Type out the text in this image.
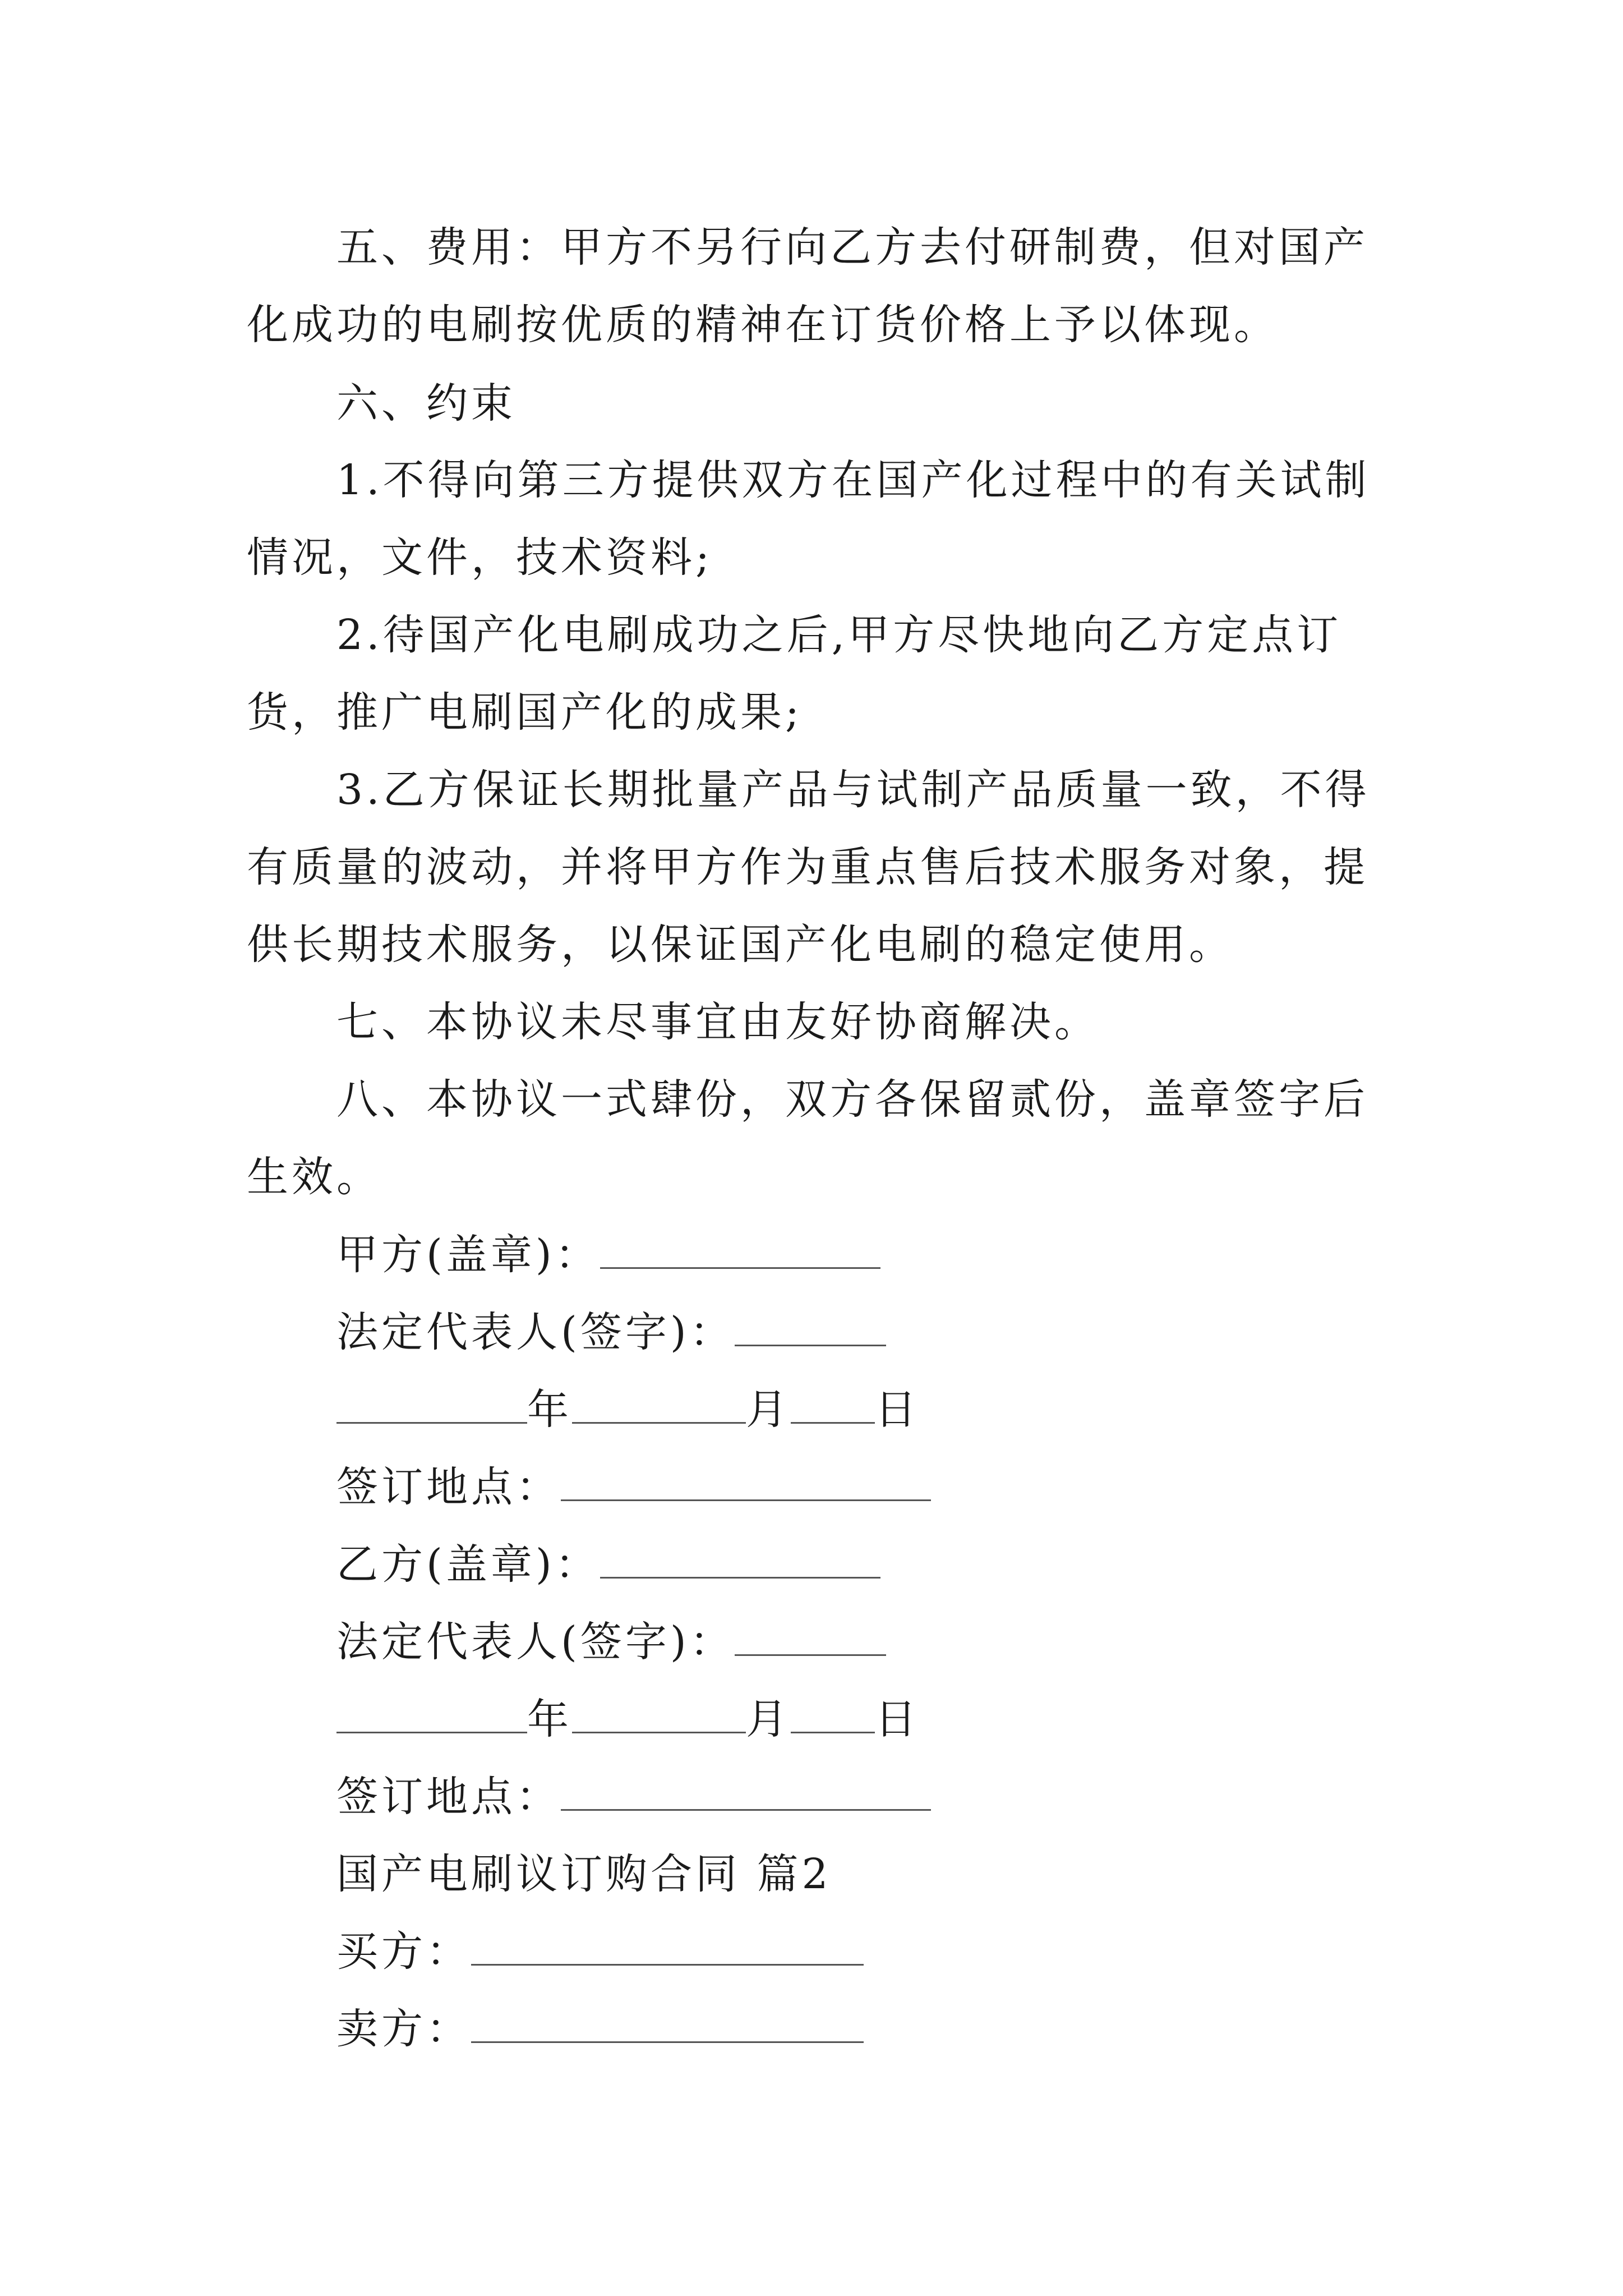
五、费用：甲方不另行向乙方去付研制费，但对国产化成功的电刷按优质的精神在订货价格上予以体现。

六、约束

1.不得向第三方提供双方在国产化过程中的有关试制情况，文件，技术资料;

2.待国产化电刷成功之后,甲方尽快地向乙方定点订货，推广电刷国产化的成果;

3.乙方保证长期批量产品与试制产品质量一致，不得有质量的波动，并将甲方作为重点售后技术服务对象，提供长期技术服务，以保证国产化电刷的稳定使用。

七、本协议未尽事宜由友好协商解决。

八、本协议一式肆份，双方各保留贰份，盖章签字后生效。

甲方(盖章)：
法定代表人(签字)：
年	月 日
签订地点：
乙方(盖章)：
法定代表人(签字)：
年	月 日
签订地点：

国产电刷议订购合同 篇2

买方：
卖方：
